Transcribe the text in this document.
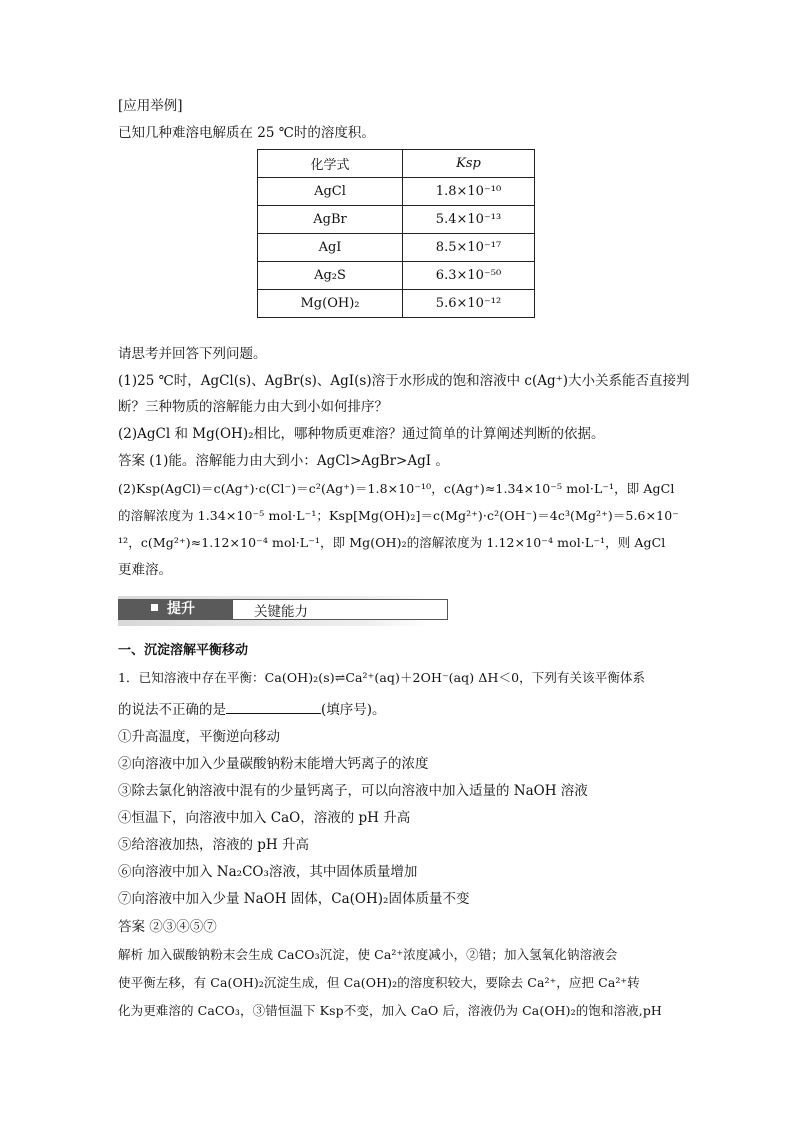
[应用举例]
已知几种难溶电解质在 25 ℃时的溶度积。
化学式	Ksp
AgCl	1.8×10⁻¹⁰
AgBr	5.4×10⁻¹³
AgI	8.5×10⁻¹⁷
Ag₂S	6.3×10⁻⁵⁰
Mg(OH)₂	5.6×10⁻¹²
请思考并回答下列问题。
(1)25 ℃时，AgCl(s)、AgBr(s)、AgI(s)溶于水形成的饱和溶液中 c(Ag⁺)大小关系能否直接判
断？三种物质的溶解能力由大到小如何排序？
(2)AgCl 和 Mg(OH)₂相比，哪种物质更难溶？通过简单的计算阐述判断的依据。
答案 (1)能。溶解能力由大到小：AgCl>AgBr>AgI 。
(2)Ksp(AgCl)＝c(Ag⁺)·c(Cl⁻)＝c²(Ag⁺)＝1.8×10⁻¹⁰，c(Ag⁺)≈1.34×10⁻⁵ mol·L⁻¹，即 AgCl
的溶解浓度为 1.34×10⁻⁵ mol·L⁻¹；Ksp[Mg(OH)₂]＝c(Mg²⁺)·c²(OH⁻)＝4c³(Mg²⁺)＝5.6×10⁻
¹²，c(Mg²⁺)≈1.12×10⁻⁴ mol·L⁻¹，即 Mg(OH)₂的溶解浓度为 1.12×10⁻⁴ mol·L⁻¹，则 AgCl
更难溶。
提升	关键能力
一、沉淀溶解平衡移动
1．已知溶液中存在平衡：Ca(OH)₂(s)⇌Ca²⁺(aq)＋2OH⁻(aq) ΔH＜0，下列有关该平衡体系
的说法不正确的是	(填序号)。
①升高温度，平衡逆向移动
②向溶液中加入少量碳酸钠粉末能增大钙离子的浓度
③除去氯化钠溶液中混有的少量钙离子，可以向溶液中加入适量的 NaOH 溶液
④恒温下，向溶液中加入 CaO，溶液的 pH 升高
⑤给溶液加热，溶液的 pH 升高
⑥向溶液中加入 Na₂CO₃溶液，其中固体质量增加
⑦向溶液中加入少量 NaOH 固体，Ca(OH)₂固体质量不变
答案 ②③④⑤⑦
解析 加入碳酸钠粉末会生成 CaCO₃沉淀，使 Ca²⁺浓度减小，②错；加入氢氧化钠溶液会
使平衡左移，有 Ca(OH)₂沉淀生成，但 Ca(OH)₂的溶度积较大，要除去 Ca²⁺，应把 Ca²⁺转
化为更难溶的 CaCO₃，③错恒温下 Ksp不变，加入 CaO 后，溶液仍为 Ca(OH)₂的饱和溶液,pH
